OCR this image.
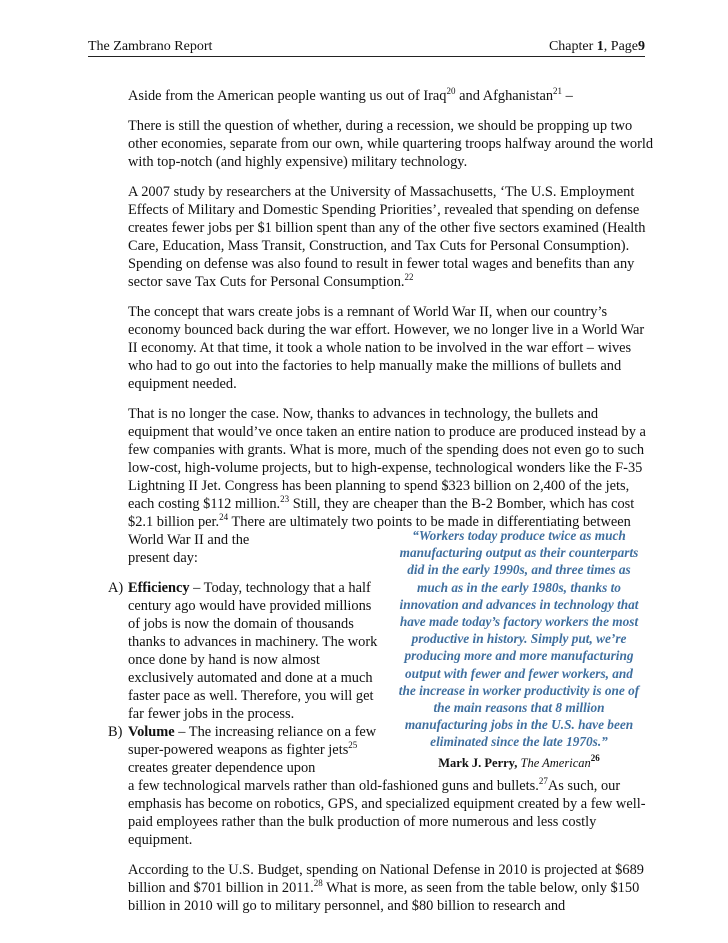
The Zambrano Report	Chapter 1, Page9

Aside from the American people wanting us out of Iraq$^{20}$ and Afghanistan$^{21}$ –

There is still the question of whether, during a recession, we should be propping up two other economies, separate from our own, while quartering troops halfway around the world with top-notch (and highly expensive) military technology.

A 2007 study by researchers at the University of Massachusetts, ‘The U.S. Employment Effects of Military and Domestic Spending Priorities’, revealed that spending on defense creates fewer jobs per $1 billion spent than any of the other five sectors examined (Health Care, Education, Mass Transit, Construction, and Tax Cuts for Personal Consumption). Spending on defense was also found to result in fewer total wages and benefits than any sector save Tax Cuts for Personal Consumption.$^{22}$

The concept that wars create jobs is a remnant of World War II, when our country’s economy bounced back during the war effort. However, we no longer live in a World War II economy. At that time, it took a whole nation to be involved in the war effort – wives who had to go out into the factories to help manually make the millions of bullets and equipment needed.

That is no longer the case. Now, thanks to advances in technology, the bullets and equipment that would’ve once taken an entire nation to produce are produced instead by a few companies with grants. What is more, much of the spending does not even go to such low-cost, high-volume projects, but to high-expense, technological wonders like the F-35 Lightning II Jet. Congress has been planning to spend $323 billion on 2,400 of the jets, each costing $112 million.$^{23}$ Still, they are cheaper than the B-2 Bomber, which has cost $2.1 billion per.$^{24}$ There are ultimately two points to be made in differentiating between World War II and the
present day:

A) Efficiency – Today, technology that a half century ago would have provided millions of jobs is now the domain of thousands thanks to advances in machinery. The work once done by hand is now almost exclusively automated and done at a much faster pace as well. Therefore, you will get far fewer jobs in the process.
B) Volume – The increasing reliance on a few super-powered weapons as fighter jets$^{25}$ creates greater dependence upon
a few technological marvels rather than old-fashioned guns and bullets.$^{27}$As such, our emphasis has become on robotics, GPS, and specialized equipment created by a few well-paid employees rather than the bulk production of more numerous and less costly equipment.

According to the U.S. Budget, spending on National Defense in 2010 is projected at $689 billion and $701 billion in 2011.28 What is more, as seen from the table below, only $150 billion in 2010 will go to military personnel, and $80 billion to research and

“Workers today produce twice as much manufacturing output as their counterparts did in the early 1990s, and three times as much as in the early 1980s, thanks to innovation and advances in technology that have made today’s factory workers the most productive in history. Simply put, we’re producing more and more manufacturing output with fewer and fewer workers, and the increase in worker productivity is one of the main reasons that 8 million manufacturing jobs in the U.S. have been eliminated since the late 1970s.”
Mark J. Perry, The American$^{26}$
